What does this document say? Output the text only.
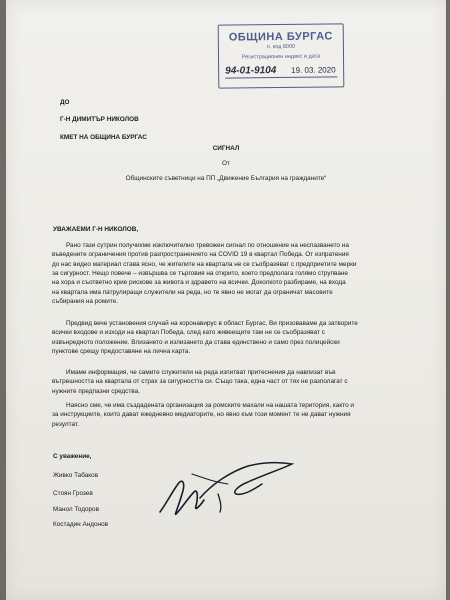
ОБЩИНА БУРГАС
п. код 8000
Регистрационен индекс и дата
94-01-9104 19. 03. 2020
ДО
Г-Н ДИМИТЪР НИКОЛОВ
КМЕТ НА ОБЩИНА БУРГАС
СИГНАЛ
От
Общинските съветници на ПП „Движение България на гражданите“
УВАЖАЕМИ Г-Н НИКОЛОВ,
Рано тази сутрин получихме изключително тревожен сигнал по отношение на неспазването на
въведените ограничения против разпространението на COVID 19 в квартал Победа. От изпратения
до нас видео материал става ясно, че жителите на квартала не се съобразяват с предприетите мерки
за сигурност. Нещо повече – извършва се търговия на открито, което предполага голямо струпване
на хора и съответно крие рискове за живота и здравето на всички. Доколкото разбираме, на входа
на квартала има патрулиращи служители на реда, но те явно не могат да ограничат масовите
събирания на ромите.
Предвид вече установения случай на коронавирус в област Бургас, Ви призоваваме да затворите
всички входове и изходи на квартал Победа, след като живеещите там не се съобразяват с
извънредното положение. Влизането и излизането да става единствено и само през полицейски
пунктове срещу предоставяне на лична карта.
Имаме информация, че самите служители на реда изпитват притеснения да навлизат във
вътрешността на квартала от страх за сигурността си. Също така, една част от тях не разполагат с
нужните предпазни средства.
Наясно сме, че има създадената организация за ромските махали на нашата територия, както и
за инструкциите, които дават ежедневно медиаторите, но явно към този момент те не дават нужния
резултат.
С уважение,
Живко Табаков
Стоян Грозев
Манол Тодоров
Костадин Андонов
